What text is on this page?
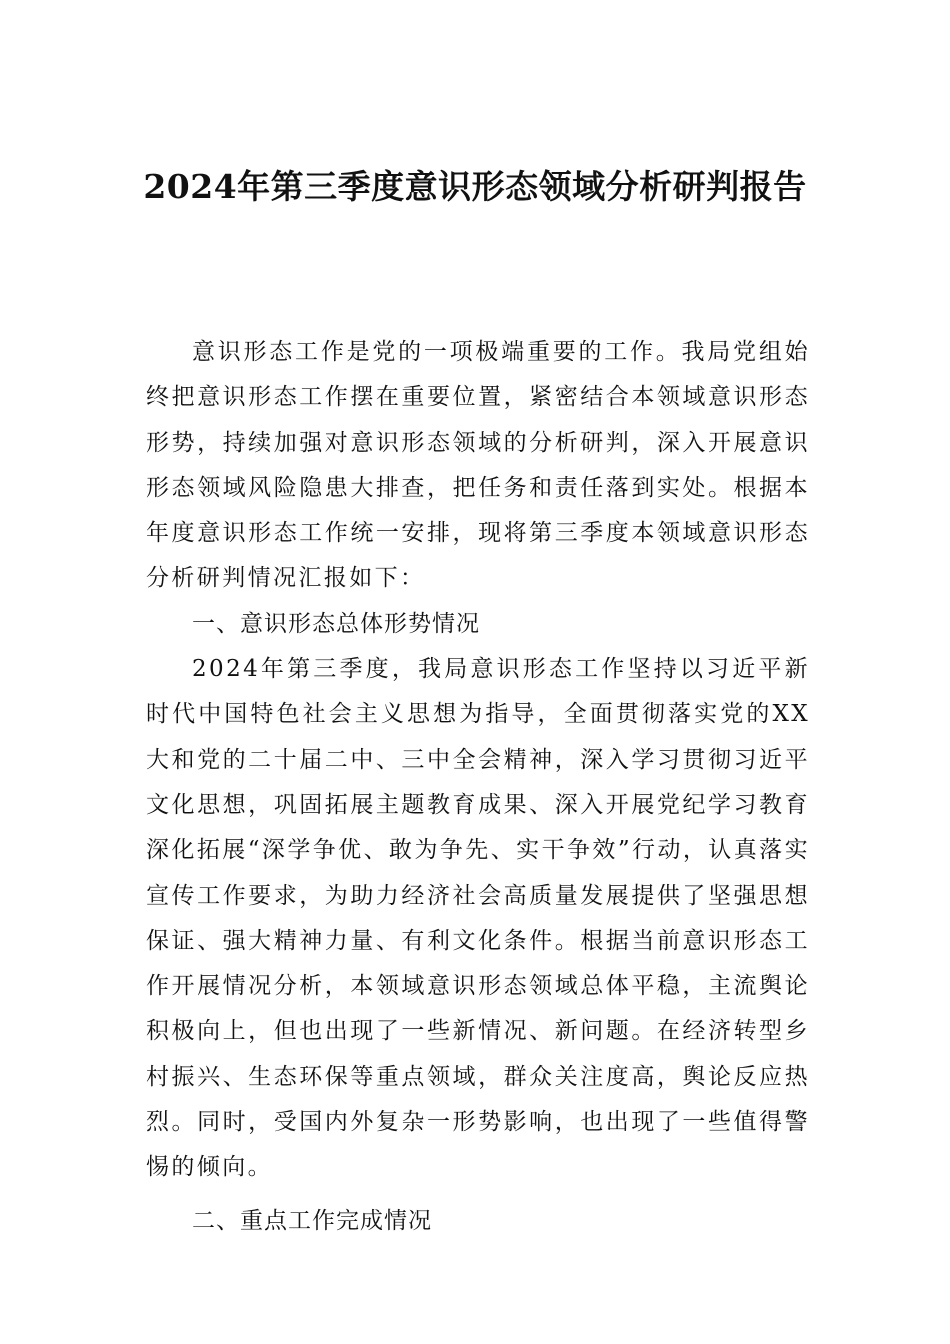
2024年第三季度意识形态领域分析研判报告

意识形态工作是党的一项极端重要的工作。我局党组始终把意识形态工作摆在重要位置，紧密结合本领域意识形态形势，持续加强对意识形态领域的分析研判，深入开展意识形态领域风险隐患大排查，把任务和责任落到实处。根据本年度意识形态工作统一安排，现将第三季度本领域意识形态分析研判情况汇报如下：

一、意识形态总体形势情况

2024年第三季度，我局意识形态工作坚持以习近平新时代中国特色社会主义思想为指导，全面贯彻落实党的XX大和党的二十届二中、三中全会精神，深入学习贯彻习近平文化思想，巩固拓展主题教育成果、深入开展党纪学习教育深化拓展“深学争优、敢为争先、实干争效”行动，认真落实宣传工作要求，为助力经济社会高质量发展提供了坚强思想保证、强大精神力量、有利文化条件。根据当前意识形态工作开展情况分析，本领域意识形态领域总体平稳，主流舆论积极向上，但也出现了一些新情况、新问题。在经济转型乡村振兴、生态环保等重点领域，群众关注度高，舆论反应热烈。同时，受国内外复杂一形势影响，也出现了一些值得警惕的倾向。

二、重点工作完成情况
